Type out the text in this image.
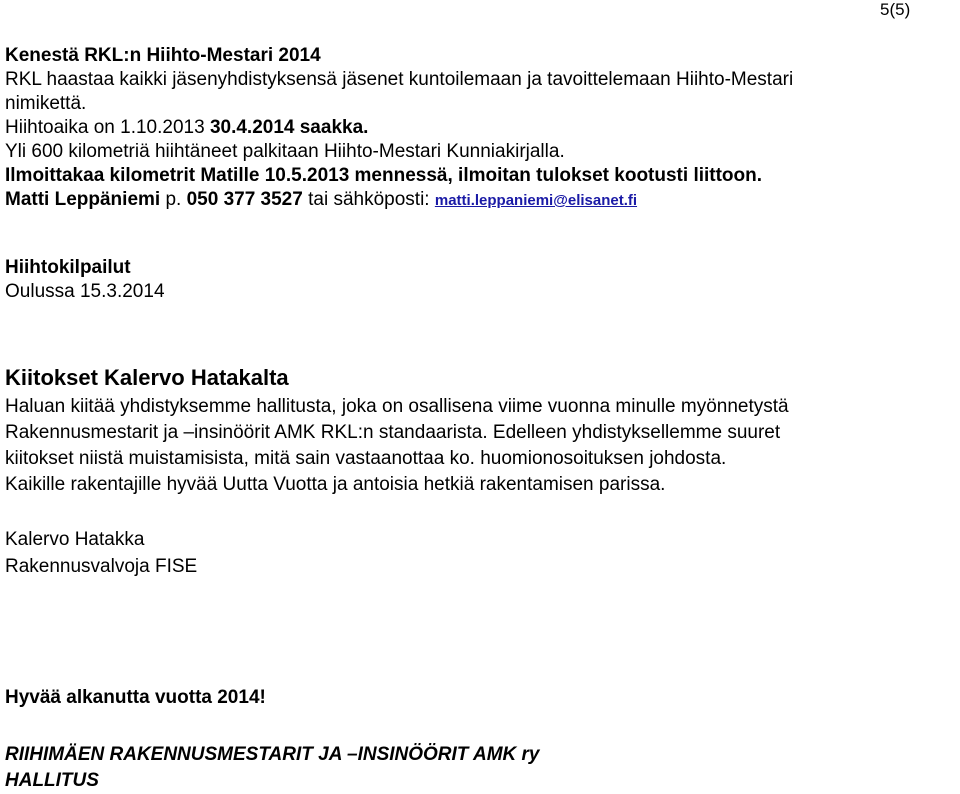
5(5)

Kenestä RKL:n Hiihto-Mestari 2014

RKL haastaa kaikki jäsenyhdistyksensä jäsenet kuntoilemaan ja tavoittelemaan Hiihto-Mestari

nimikettä.

Hiihtoaika on 1.10.2013 30.4.2014 saakka.

Yli 600 kilometriä hiihtäneet palkitaan Hiihto-Mestari Kunniakirjalla.

Ilmoittakaa kilometrit Matille 10.5.2013 mennessä, ilmoitan tulokset kootusti liittoon.

Matti Leppäniemi p. 050 377 3527 tai sähköposti: matti.leppaniemi@elisanet.fi

Hiihtokilpailut

Oulussa 15.3.2014

Kiitokset Kalervo Hatakalta

Haluan kiitää yhdistyksemme hallitusta, joka on osallisena viime vuonna minulle myönnetystä

Rakennusmestarit ja –insinöörit AMK RKL:n standaarista. Edelleen yhdistyksellemme suuret

kiitokset niistä muistamisista, mitä sain vastaanottaa ko. huomionosoituksen johdosta.

Kaikille rakentajille hyvää Uutta Vuotta ja antoisia hetkiä rakentamisen parissa.

Kalervo Hatakka

Rakennusvalvoja FISE

Hyvää alkanutta vuotta 2014!

RIIHIMÄEN RAKENNUSMESTARIT JA –INSINÖÖRIT AMK ry

HALLITUS
